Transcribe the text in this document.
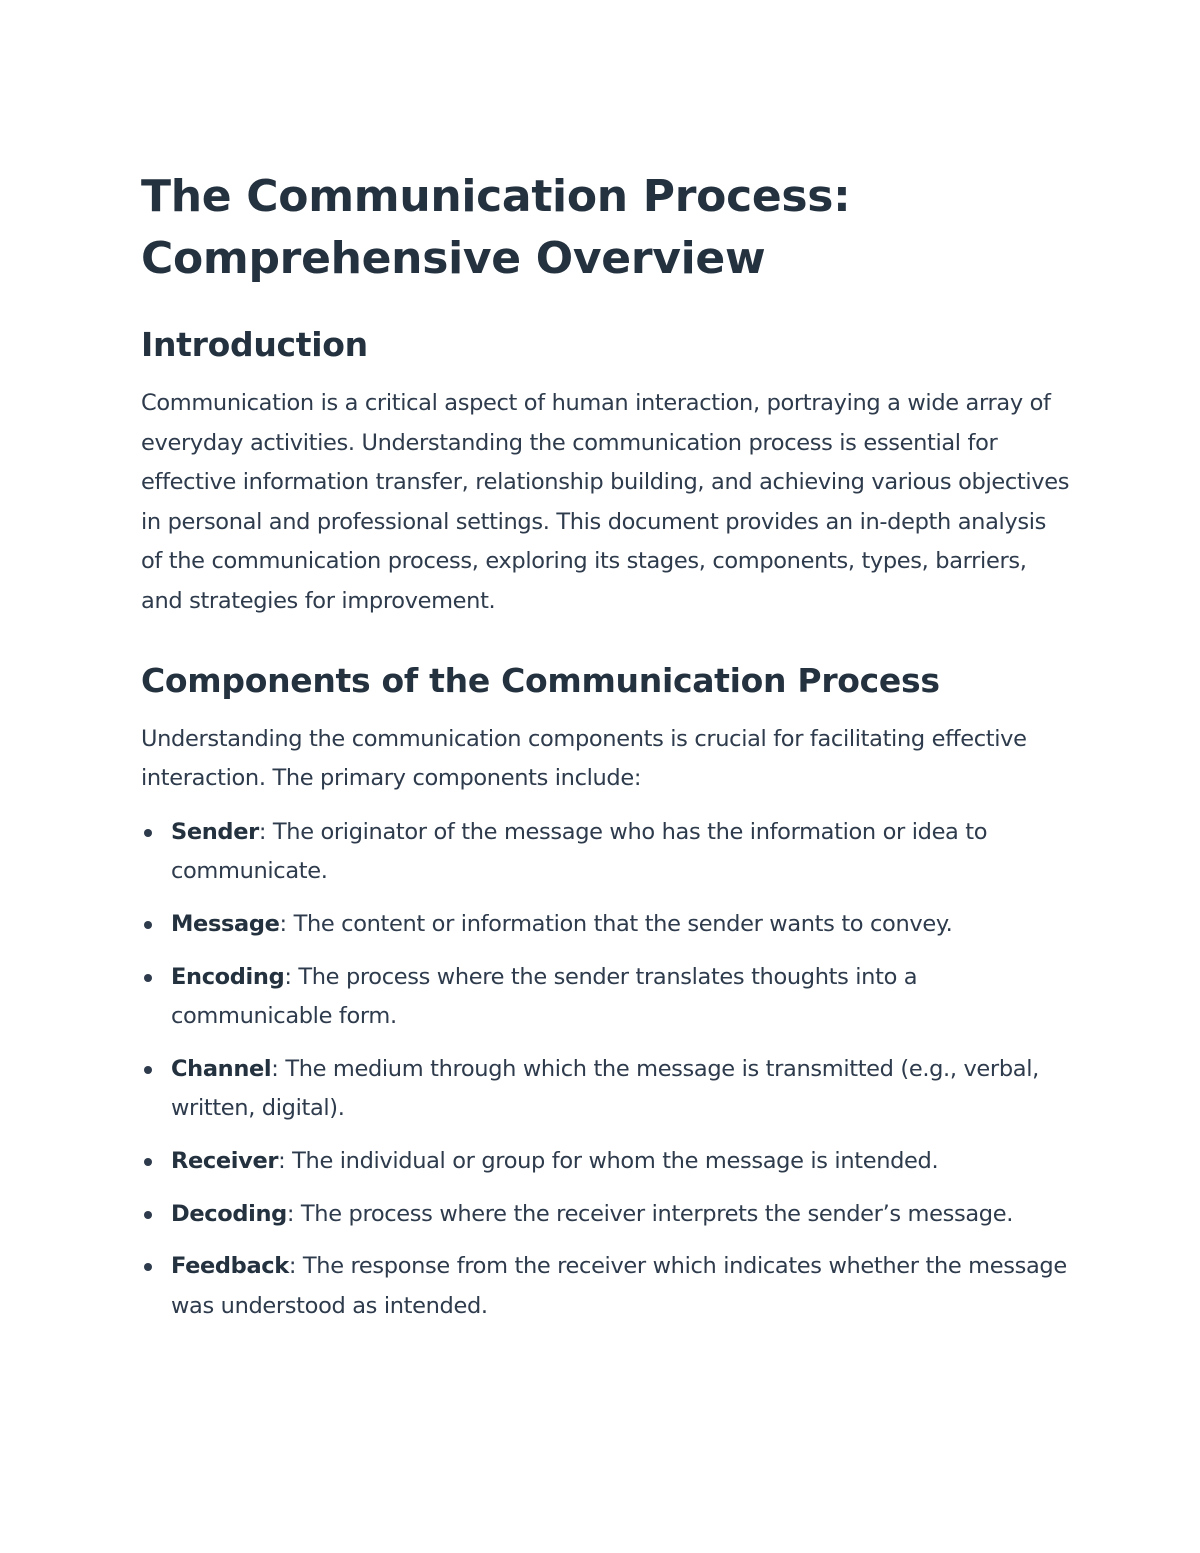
The Communication Process:
Comprehensive Overview
Introduction

Communication is a critical aspect of human interaction, portraying a wide array of everyday activities. Understanding the communication process is essential for effective information transfer, relationship building, and achieving various objectives in personal and professional settings. This document provides an in-depth analysis of the communication process, exploring its stages, components, types, barriers, and strategies for improvement.

Components of the Communication Process

Understanding the communication components is crucial for facilitating effective interaction. The primary components include:

Sender: The originator of the message who has the information or idea to communicate.
Message: The content or information that the sender wants to convey.
Encoding: The process where the sender translates thoughts into a communicable form.
Channel: The medium through which the message is transmitted (e.g., verbal, written, digital).
Receiver: The individual or group for whom the message is intended.
Decoding: The process where the receiver interprets the sender’s message.
Feedback: The response from the receiver which indicates whether the message was understood as intended.
